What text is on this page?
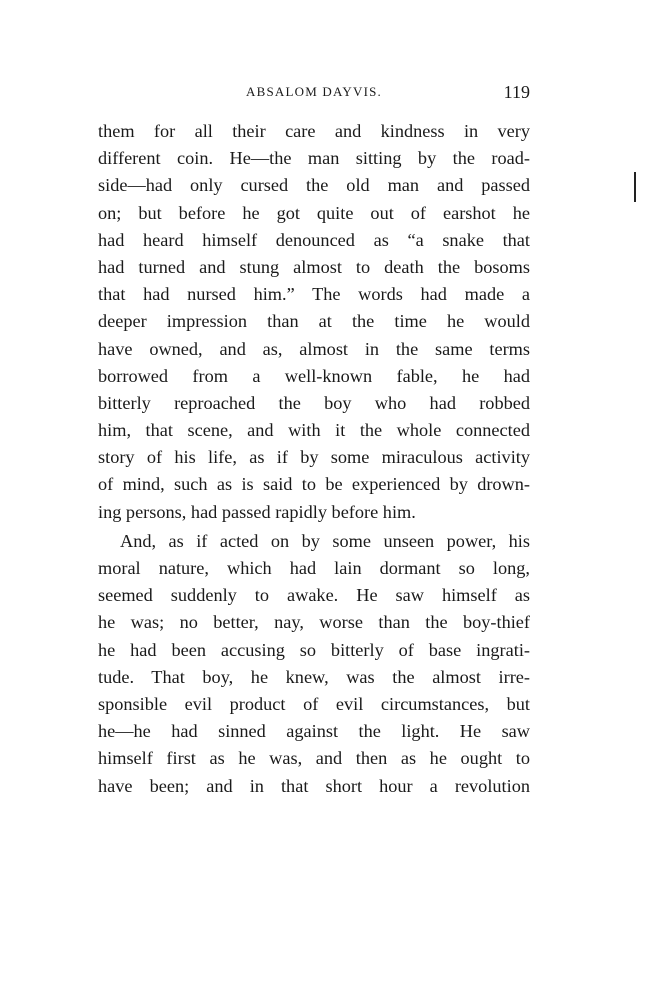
ABSALOM DAYVIS.	119
them for all their care and kindness in very
different coin. He—the man sitting by the road-
side—had only cursed the old man and passed
on; but before he got quite out of earshot he
had heard himself denounced as “a snake that
had turned and stung almost to death the bosoms
that had nursed him.” The words had made a
deeper impression than at the time he would
have owned, and as, almost in the same terms
borrowed from a well-known fable, he had
bitterly reproached the boy who had robbed
him, that scene, and with it the whole connected
story of his life, as if by some miraculous activity
of mind, such as is said to be experienced by drown-
ing persons, had passed rapidly before him.
And, as if acted on by some unseen power, his
moral nature, which had lain dormant so long,
seemed suddenly to awake. He saw himself as
he was; no better, nay, worse than the boy-thief
he had been accusing so bitterly of base ingrati-
tude. That boy, he knew, was the almost irre-
sponsible evil product of evil circumstances, but
he—he had sinned against the light. He saw
himself first as he was, and then as he ought to
have been; and in that short hour a revolution
